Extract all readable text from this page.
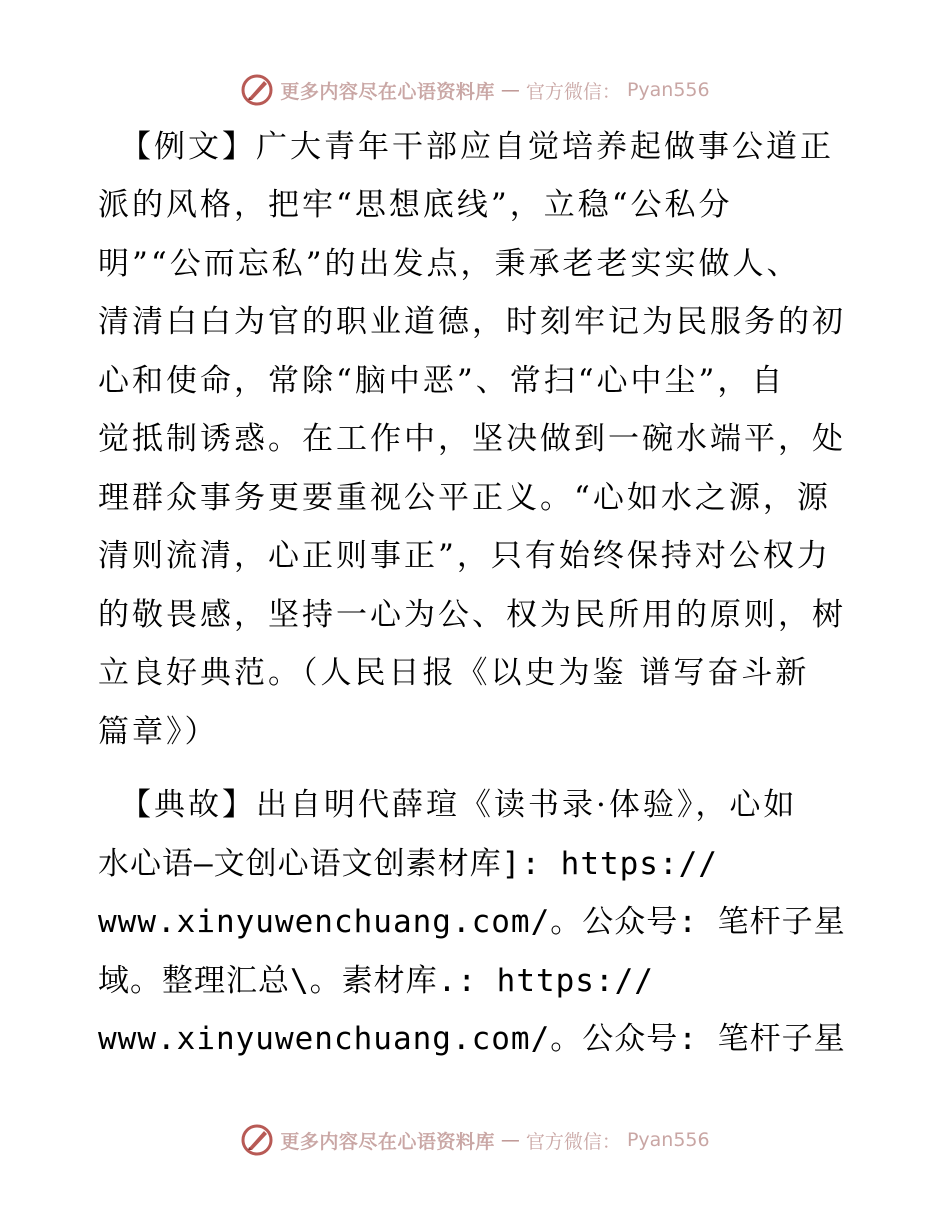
更多内容尽在心语资料库 — 官方微信： Pyan556
【例文】广大青年干部应自觉培养起做事公道正
派的风格，把牢“思想底线”，立稳“公私分
明”“公而忘私”的出发点，秉承老老实实做人、
清清白白为官的职业道德，时刻牢记为民服务的初
心和使命，常除“脑中恶”、常扫“心中尘”，自
觉抵制诱惑。在工作中，坚决做到一碗水端平，处
理群众事务更要重视公平正义。“心如水之源，源
清则流清，心正则事正”，只有始终保持对公权力
的敬畏感，坚持一心为公、权为民所用的原则，树
立良好典范。（人民日报《以史为鉴 谱写奋斗新
篇章》）
【典故】出自明代薛瑄《读书录·体验》，心如
水心语—文创心语文创素材库]: https://
www.xinyuwenchuang.com/。公众号: 笔杆子星
域。整理汇总\。素材库.: https://
www.xinyuwenchuang.com/。公众号: 笔杆子星
更多内容尽在心语资料库 — 官方微信： Pyan556
